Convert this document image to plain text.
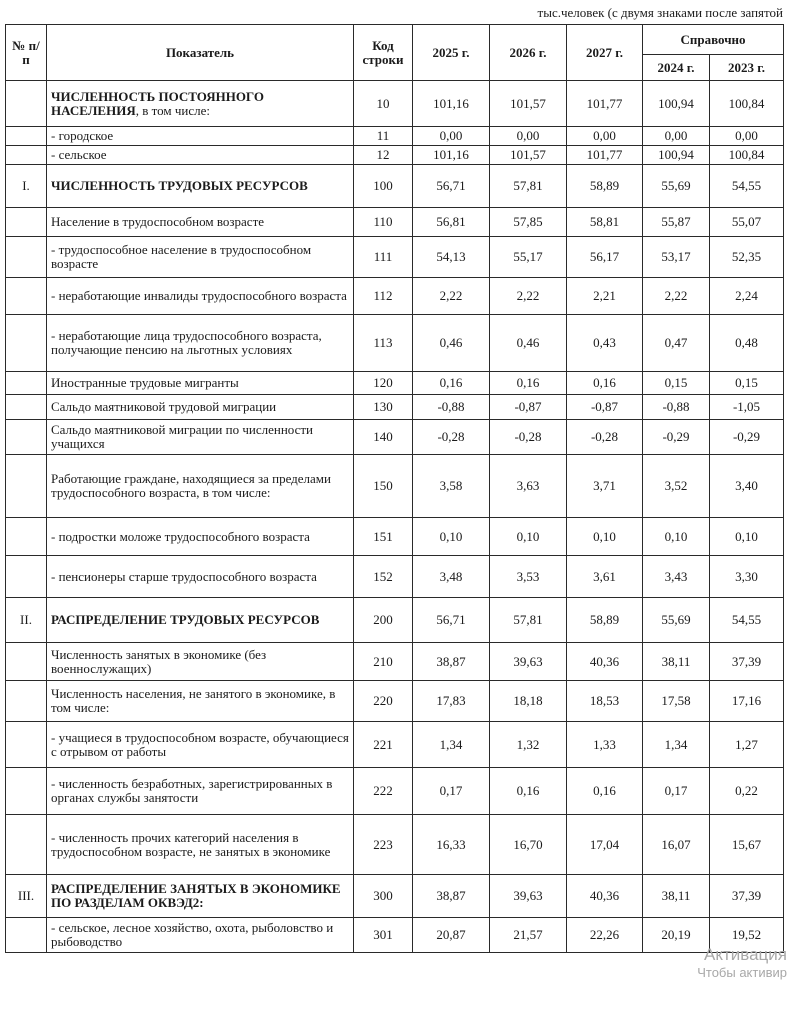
тыс.человек (с двумя знаками после запятой
№ п/п	Показатель	Код строки	2025 г.	2026 г.	2027 г.	Справочно	
						2024 г.	2023 г.
	ЧИСЛЕННОСТЬ ПОСТОЯННОГО НАСЕЛЕНИЯ, в том числе:	10	101,16	101,57	101,77	100,94	100,84
	- городское	11	0,00	0,00	0,00	0,00	0,00
	- сельское	12	101,16	101,57	101,77	100,94	100,84
I.	ЧИСЛЕННОСТЬ ТРУДОВЫХ РЕСУРСОВ	100	56,71	57,81	58,89	55,69	54,55
	Население в трудоспособном возрасте	110	56,81	57,85	58,81	55,87	55,07
	- трудоспособное население в трудоспособном возрасте	111	54,13	55,17	56,17	53,17	52,35
	- неработающие инвалиды трудоспособного возраста	112	2,22	2,22	2,21	2,22	2,24
	- неработающие лица трудоспособного возраста, получающие пенсию на льготных условиях	113	0,46	0,46	0,43	0,47	0,48
	Иностранные трудовые мигранты	120	0,16	0,16	0,16	0,15	0,15
	Сальдо маятниковой трудовой миграции	130	-0,88	-0,87	-0,87	-0,88	-1,05
	Сальдо маятниковой миграции по численности учащихся	140	-0,28	-0,28	-0,28	-0,29	-0,29
	Работающие граждане, находящиеся за пределами трудоспособного возраста, в том числе:	150	3,58	3,63	3,71	3,52	3,40
	- подростки моложе трудоспособного возраста	151	0,10	0,10	0,10	0,10	0,10
	- пенсионеры старше трудоспособного возраста	152	3,48	3,53	3,61	3,43	3,30
II.	РАСПРЕДЕЛЕНИЕ ТРУДОВЫХ РЕСУРСОВ	200	56,71	57,81	58,89	55,69	54,55
	Численность занятых в экономике (без военнослужащих)	210	38,87	39,63	40,36	38,11	37,39
	Численность населения, не занятого в экономике, в том числе:	220	17,83	18,18	18,53	17,58	17,16
	- учащиеся в трудоспособном возрасте, обучающиеся с отрывом от работы	221	1,34	1,32	1,33	1,34	1,27
	- численность безработных, зарегистрированных в органах службы занятости	222	0,17	0,16	0,16	0,17	0,22
	- численность прочих категорий населения в трудоспособном возрасте, не занятых в экономике	223	16,33	16,70	17,04	16,07	15,67
III.	РАСПРЕДЕЛЕНИЕ ЗАНЯТЫХ В ЭКОНОМИКЕ ПО РАЗДЕЛАМ ОКВЭД2:	300	38,87	39,63	40,36	38,11	37,39
	- сельское, лесное хозяйство, охота, рыболовство и рыбоводство	301	20,87	21,57	22,26	20,19	19,52
Активация
Чтобы активир
